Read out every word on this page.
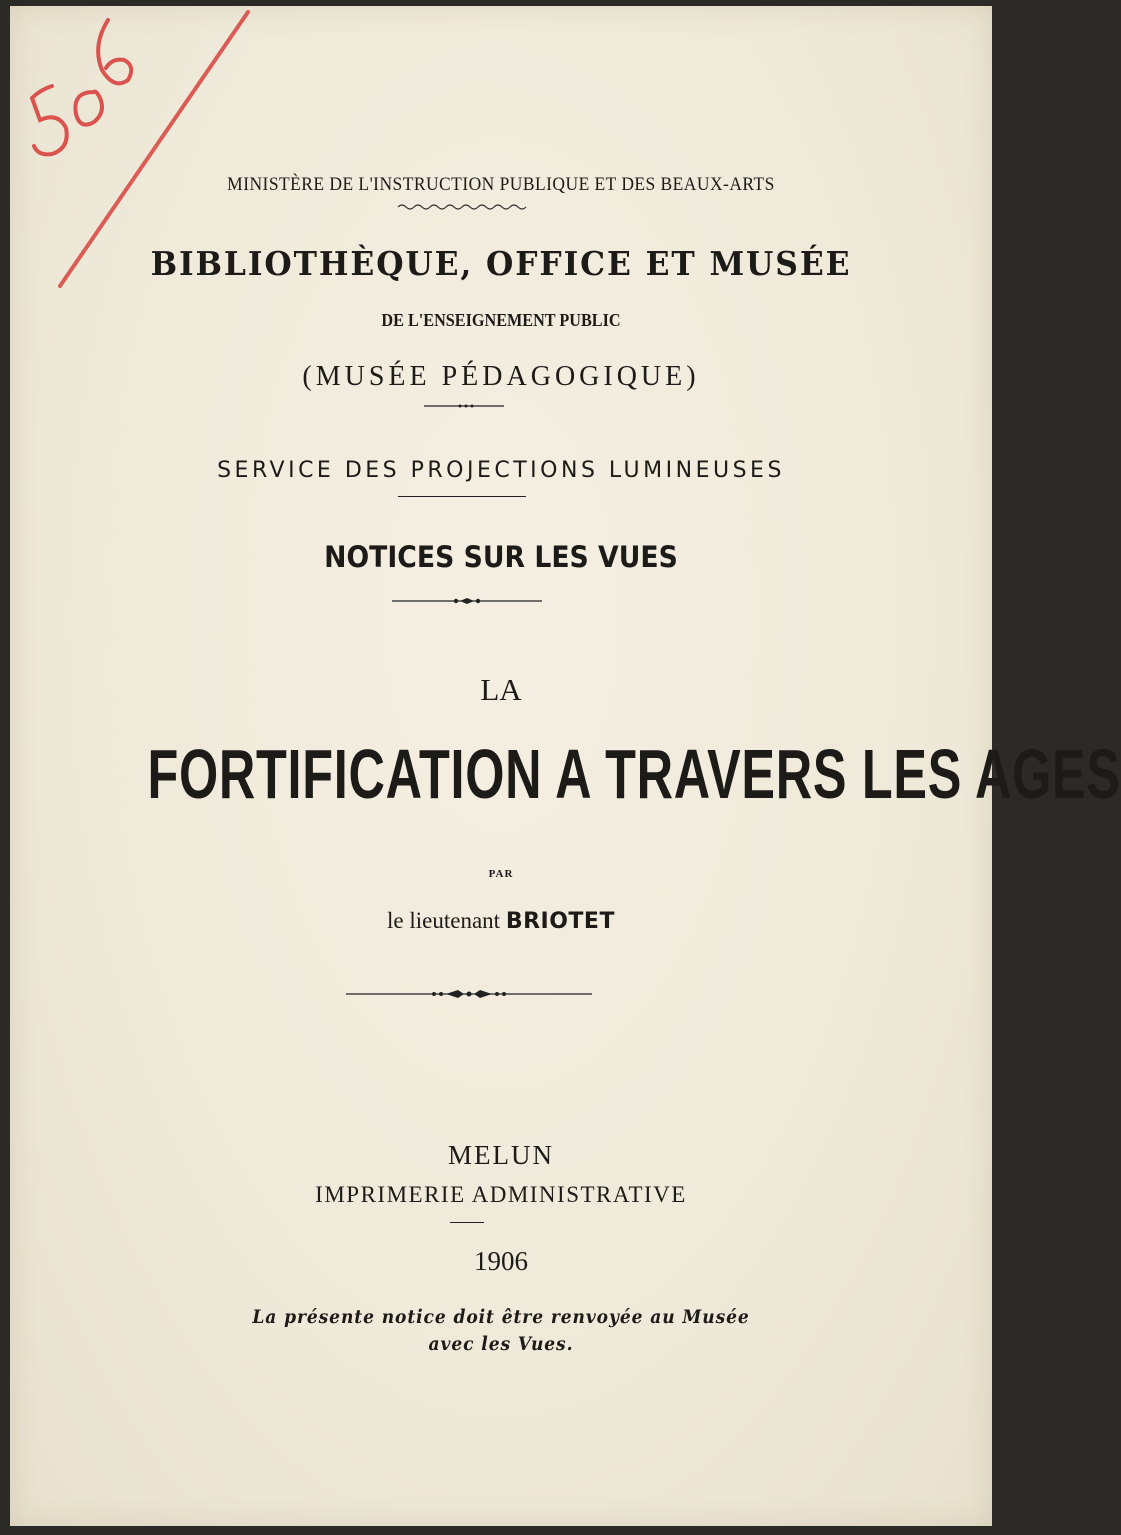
MINISTÈRE DE L'INSTRUCTION PUBLIQUE ET DES BEAUX-ARTS
BIBLIOTHÈQUE, OFFICE ET MUSÉE
DE L'ENSEIGNEMENT PUBLIC
(MUSÉE PÉDAGOGIQUE)
SERVICE DES PROJECTIONS LUMINEUSES
NOTICES SUR LES VUES
LA
FORTIFICATION A TRAVERS LES AGES
PAR
le lieutenant BRIOTET
MELUN
IMPRIMERIE ADMINISTRATIVE
1906
La présente notice doit être renvoyée au Musée
avec les Vues.
